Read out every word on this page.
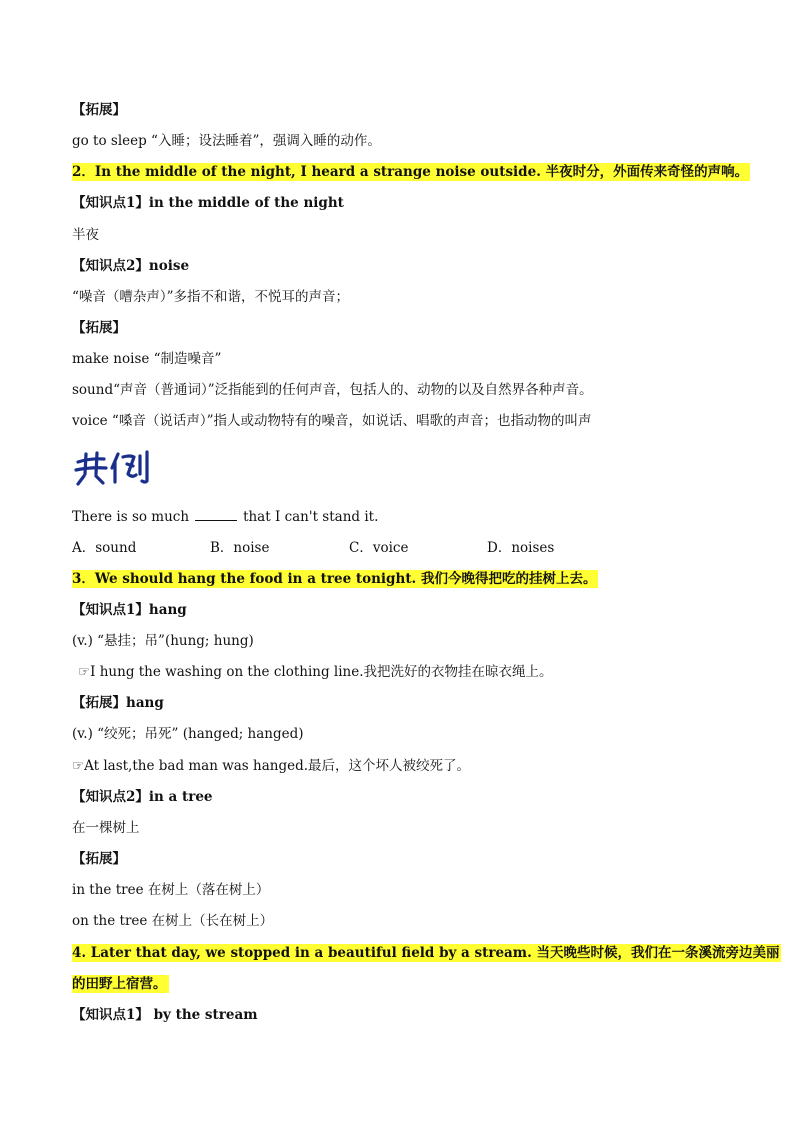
【拓展】
go to sleep “入睡；设法睡着”，强调入睡的动作。
2．In the middle of the night, I heard a strange noise outside. 半夜时分，外面传来奇怪的声响。
【知识点1】in the middle of the night
半夜
【知识点2】noise
“噪音（嘈杂声）”多指不和谐，不悦耳的声音；
【拓展】
make noise “制造噪音”
sound“声音（普通词）”泛指能到的任何声音，包括人的、动物的以及自然界各种声音。
voice “嗓音（说话声）”指人或动物特有的噪音，如说话、唱歌的声音；也指动物的叫声
There is so much	that I can't stand it.
A．sound	B．noise	C．voice	D．noises
3．We should hang the food in a tree tonight. 我们今晚得把吃的挂树上去。
【知识点1】hang
(v.) “悬挂；吊”(hung; hung)
☞I hung the washing on the clothing line.我把洗好的衣物挂在晾衣绳上。
【拓展】hang
(v.) “绞死；吊死” (hanged; hanged)
☞At last,the bad man was hanged.最后，这个坏人被绞死了。
【知识点2】in a tree
在一棵树上
【拓展】
in the tree 在树上（落在树上）
on the tree 在树上（长在树上）
4. Later that day, we stopped in a beautiful field by a stream. 当天晚些时候，我们在一条溪流旁边美丽
的田野上宿营。
【知识点1】 by the stream
